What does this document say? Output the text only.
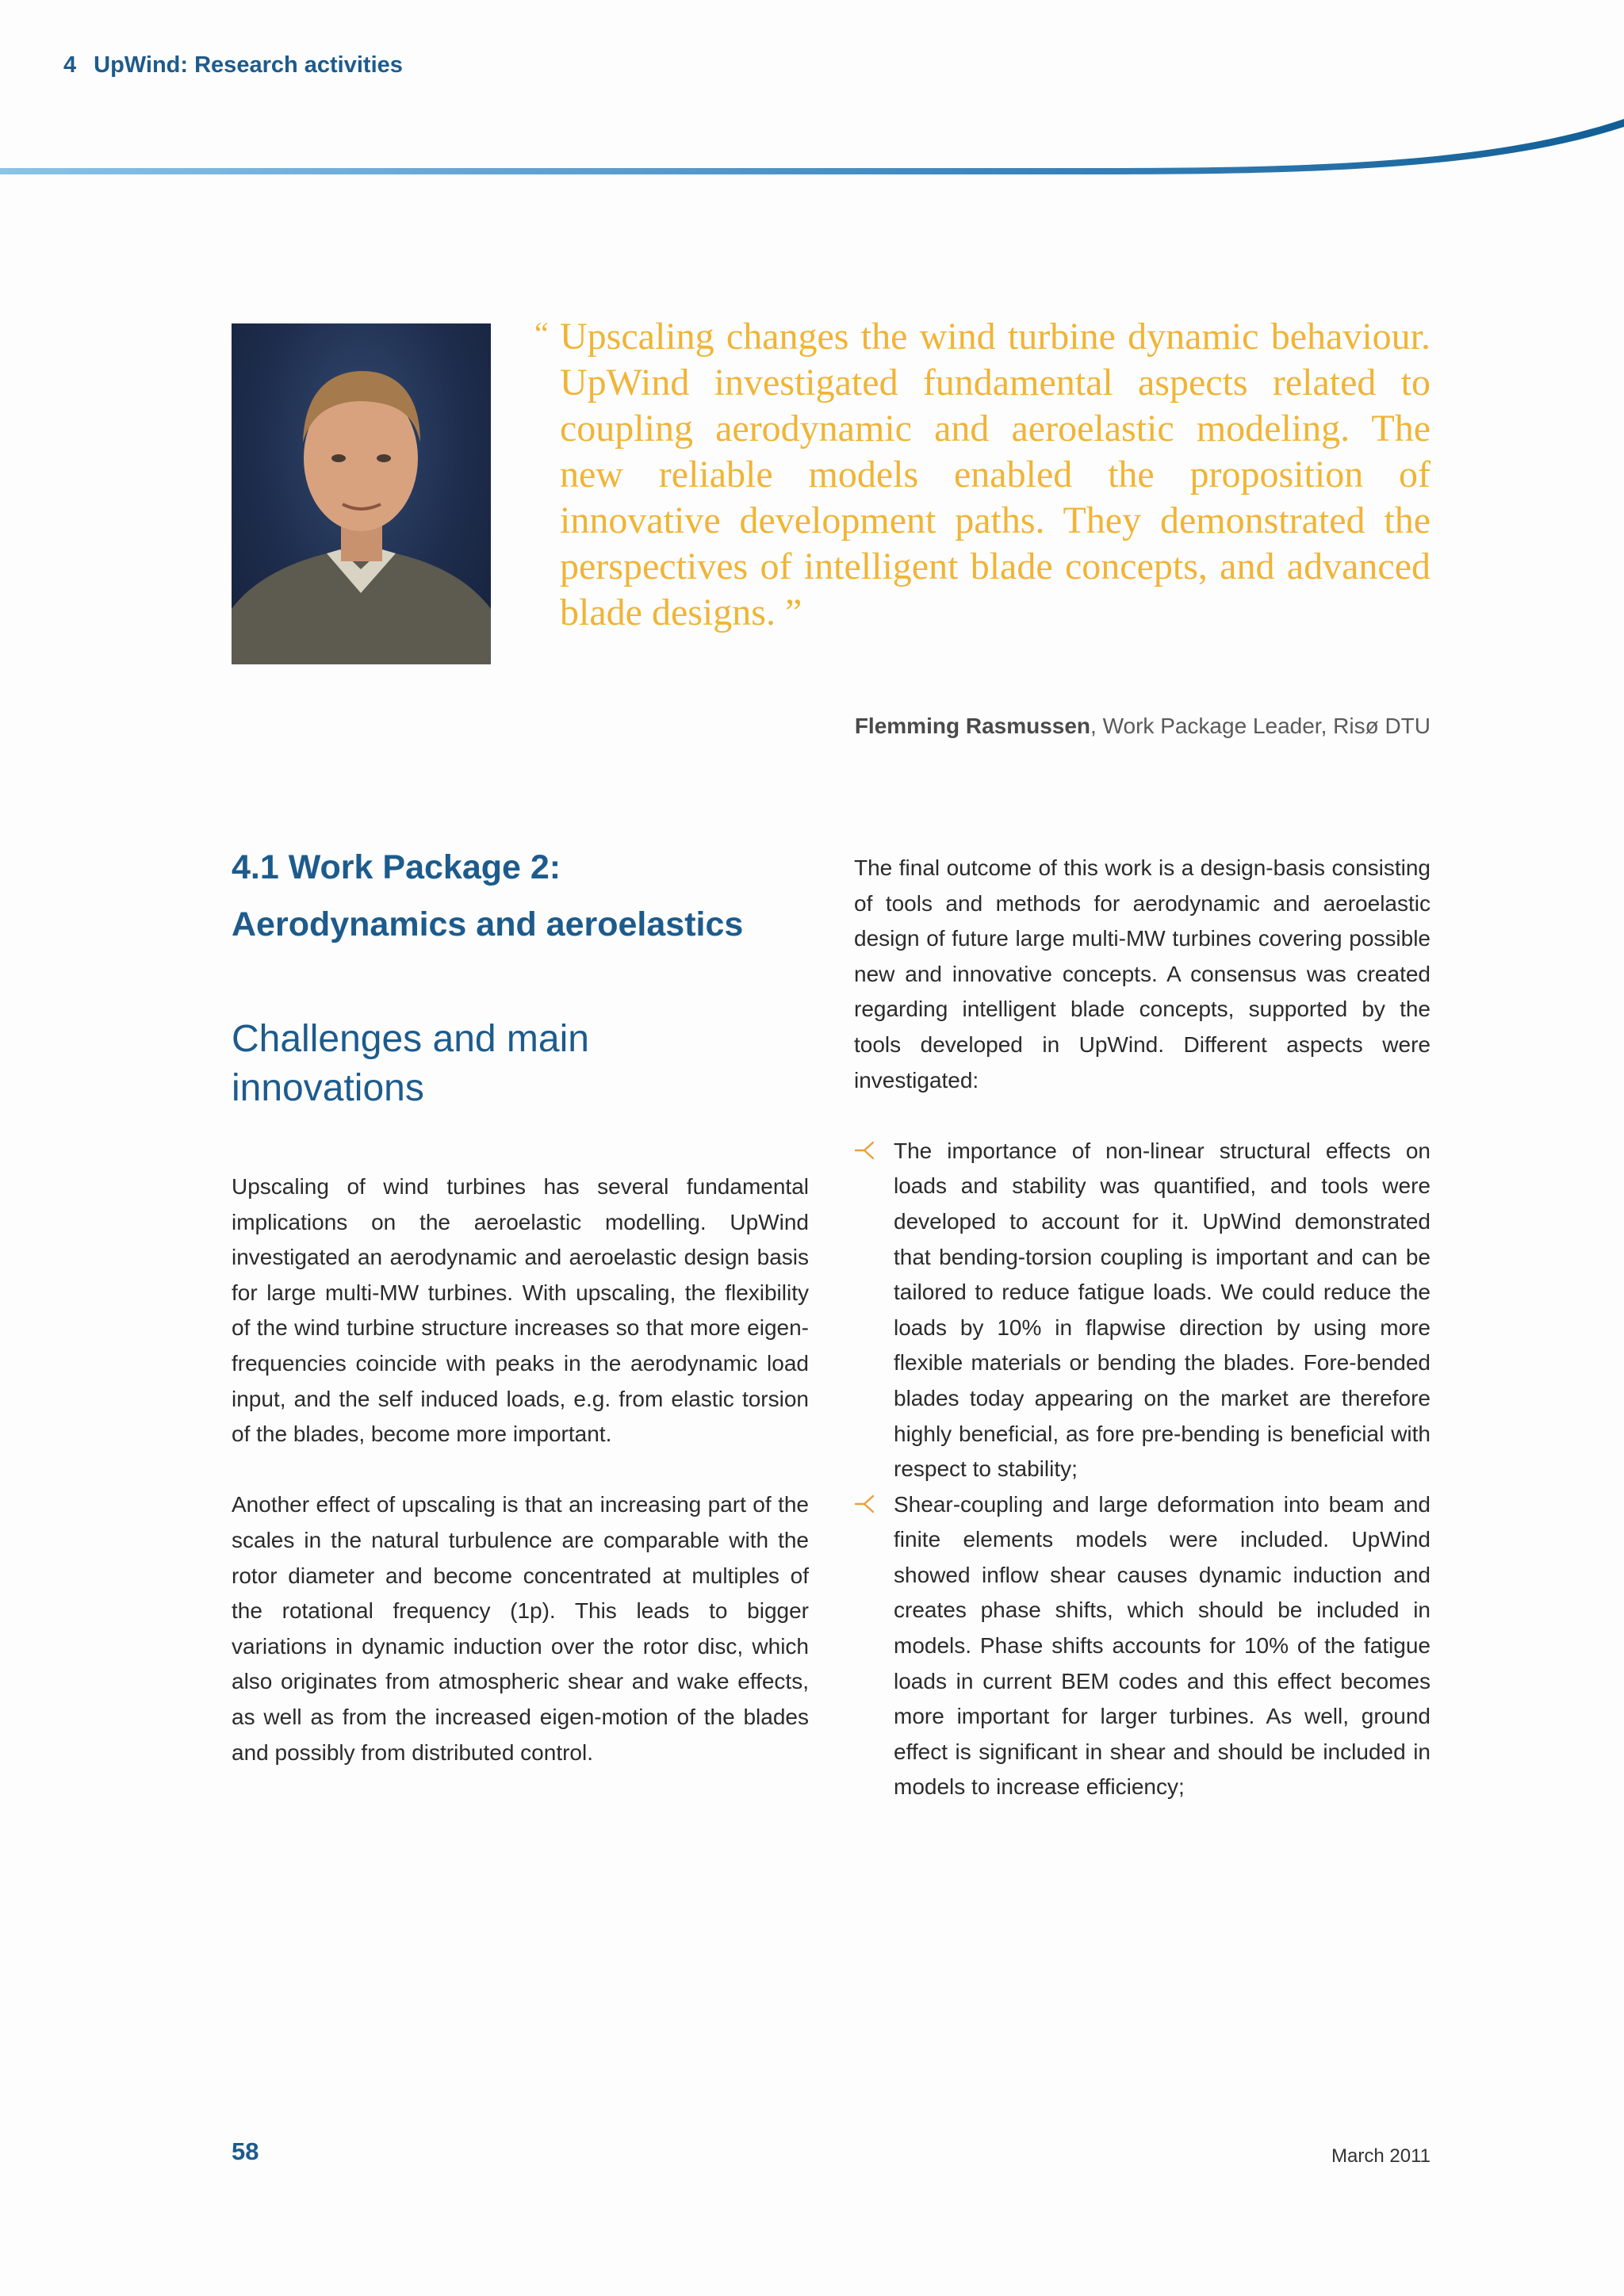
4 UpWind: Research activities
“ Upscaling changes the wind turbine dynamic behaviour. UpWind investigated fundamental aspects related to coupling aerodynamic and aeroelastic modeling. The new reliable models enabled the proposition of innovative development paths. They demonstrated the perspectives of intelligent blade concepts, and advanced blade designs. ”
Flemming Rasmussen, Work Package Leader, Risø DTU
4.1 Work Package 2:
Aerodynamics and aeroelastics
Challenges and main
innovations

Upscaling of wind turbines has several fundamental implications on the aeroelastic modelling. UpWind investigated an aerodynamic and aeroelastic design basis for large multi-MW turbines. With upscaling, the flexibility of the wind turbine structure increases so that more eigen-frequencies coincide with peaks in the aerodynamic load input, and the self induced loads, e.g. from elastic torsion of the blades, become more important.

Another effect of upscaling is that an increasing part of the scales in the natural turbulence are comparable with the rotor diameter and become concentrated at multiples of the rotational frequency (1p). This leads to bigger variations in dynamic induction over the rotor disc, which also originates from atmospheric shear and wake effects, as well as from the increased eigen-motion of the blades and possibly from distributed control.

The final outcome of this work is a design-basis consisting of tools and methods for aerodynamic and aeroelastic design of future large multi-MW turbines covering possible new and innovative concepts. A consensus was created regarding intelligent blade concepts, supported by the tools developed in UpWind. Different aspects were investigated:

The importance of non-linear structural effects on loads and stability was quantified, and tools were developed to account for it. UpWind demonstrated that bending-torsion coupling is important and can be tailored to reduce fatigue loads. We could reduce the loads by 10% in flapwise direction by using more flexible materials or bending the blades. Fore-bended blades today appearing on the market are therefore highly beneficial, as fore pre-bending is beneficial with respect to stability;
Shear-coupling and large deformation into beam and finite elements models were included. UpWind showed inflow shear causes dynamic induction and creates phase shifts, which should be included in models. Phase shifts accounts for 10% of the fatigue loads in current BEM codes and this effect becomes more important for larger turbines. As well, ground effect is significant in shear and should be included in models to increase efficiency;
58	March 2011
